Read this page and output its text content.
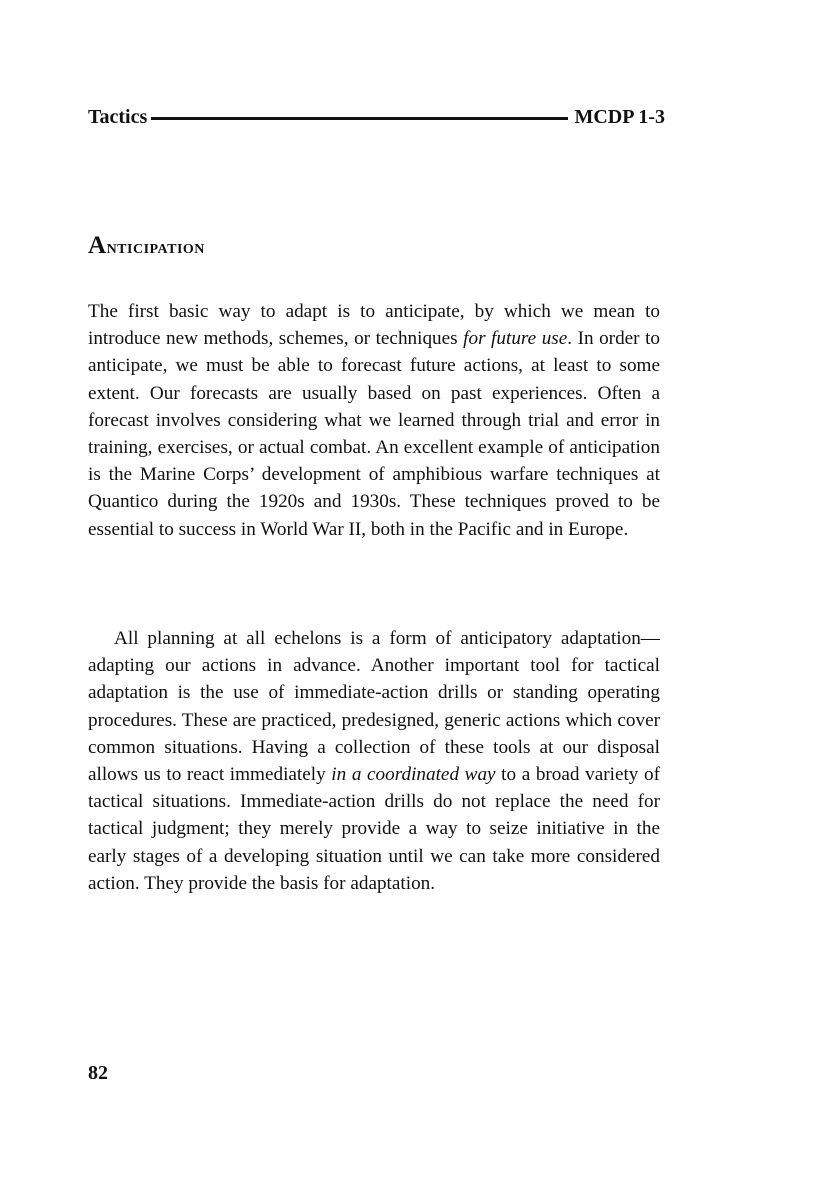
Tactics	MCDP 1-3
Anticipation

The first basic way to adapt is to anticipate, by which we mean to introduce new methods, schemes, or techniques for future use. In order to anticipate, we must be able to forecast future actions, at least to some extent. Our forecasts are usually based on past experiences. Often a forecast involves considering what we learned through trial and error in training, exercises, or actual combat. An excellent example of anticipation is the Marine Corps’ development of amphibious warfare techniques at Quantico during the 1920s and 1930s. These techniques proved to be essential to success in World War II, both in the Pacific and in Europe.

All planning at all echelons is a form of anticipatory adaptation—adapting our actions in advance. Another important tool for tactical adaptation is the use of immediate-action drills or standing operating procedures. These are practiced, predesigned, generic actions which cover common situations. Having a collection of these tools at our disposal allows us to react immediately in a coordinated way to a broad variety of tactical situations. Immediate-action drills do not replace the need for tactical judgment; they merely provide a way to seize initiative in the early stages of a developing situation until we can take more considered action. They provide the basis for adaptation.

82
